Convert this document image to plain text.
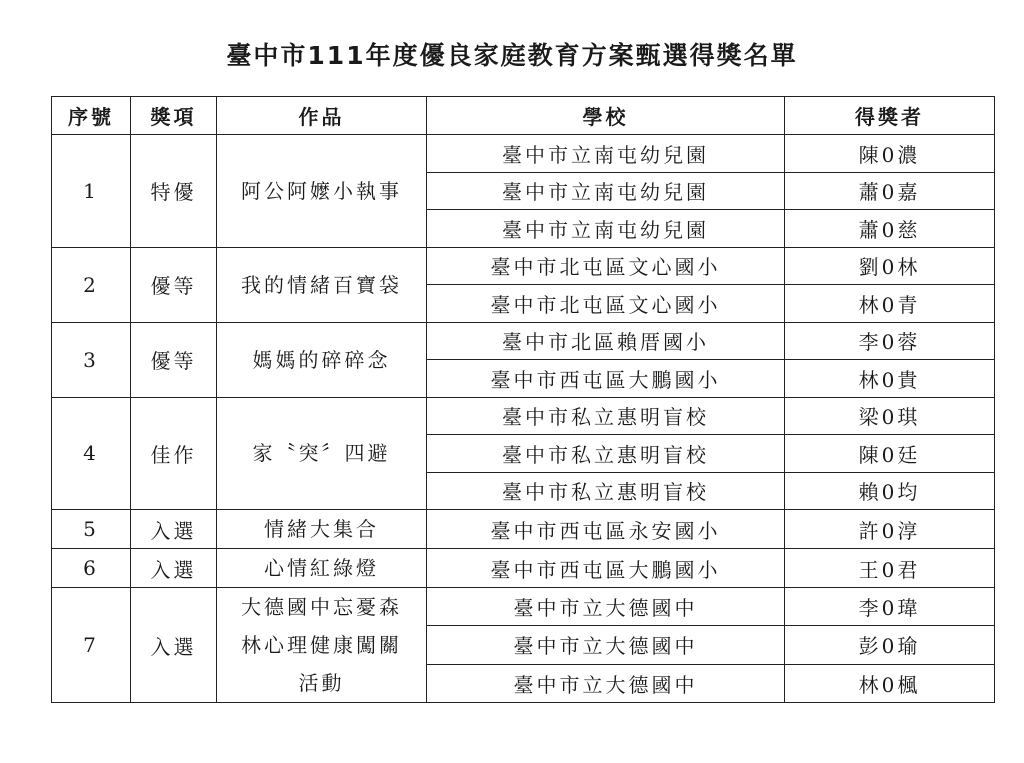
臺中市111年度優良家庭教育方案甄選得獎名單
序號	獎項	作品	學校	得獎者
1	特優	阿公阿嬤小執事	臺中市立南屯幼兒園	陳0濃
			臺中市立南屯幼兒園	蕭0嘉
			臺中市立南屯幼兒園	蕭0慈
2	優等	我的情緒百寶袋	臺中市北屯區文心國小	劉0林
			臺中市北屯區文心國小	林0青
3	優等	媽媽的碎碎念	臺中市北區賴厝國小	李0蓉
			臺中市西屯區大鵬國小	林0貴
4	佳作	家〝突〞四避	臺中市私立惠明盲校	梁0琪
			臺中市私立惠明盲校	陳0廷
			臺中市私立惠明盲校	賴0均
5	入選	情緒大集合	臺中市西屯區永安國小	許0淳
6	入選	心情紅綠燈	臺中市西屯區大鵬國小	王0君
7	入選	大德國中忘憂森
林心理健康闖關
活動	臺中市立大德國中	李0瑋
			臺中市立大德國中	彭0瑜
			臺中市立大德國中	林0楓
